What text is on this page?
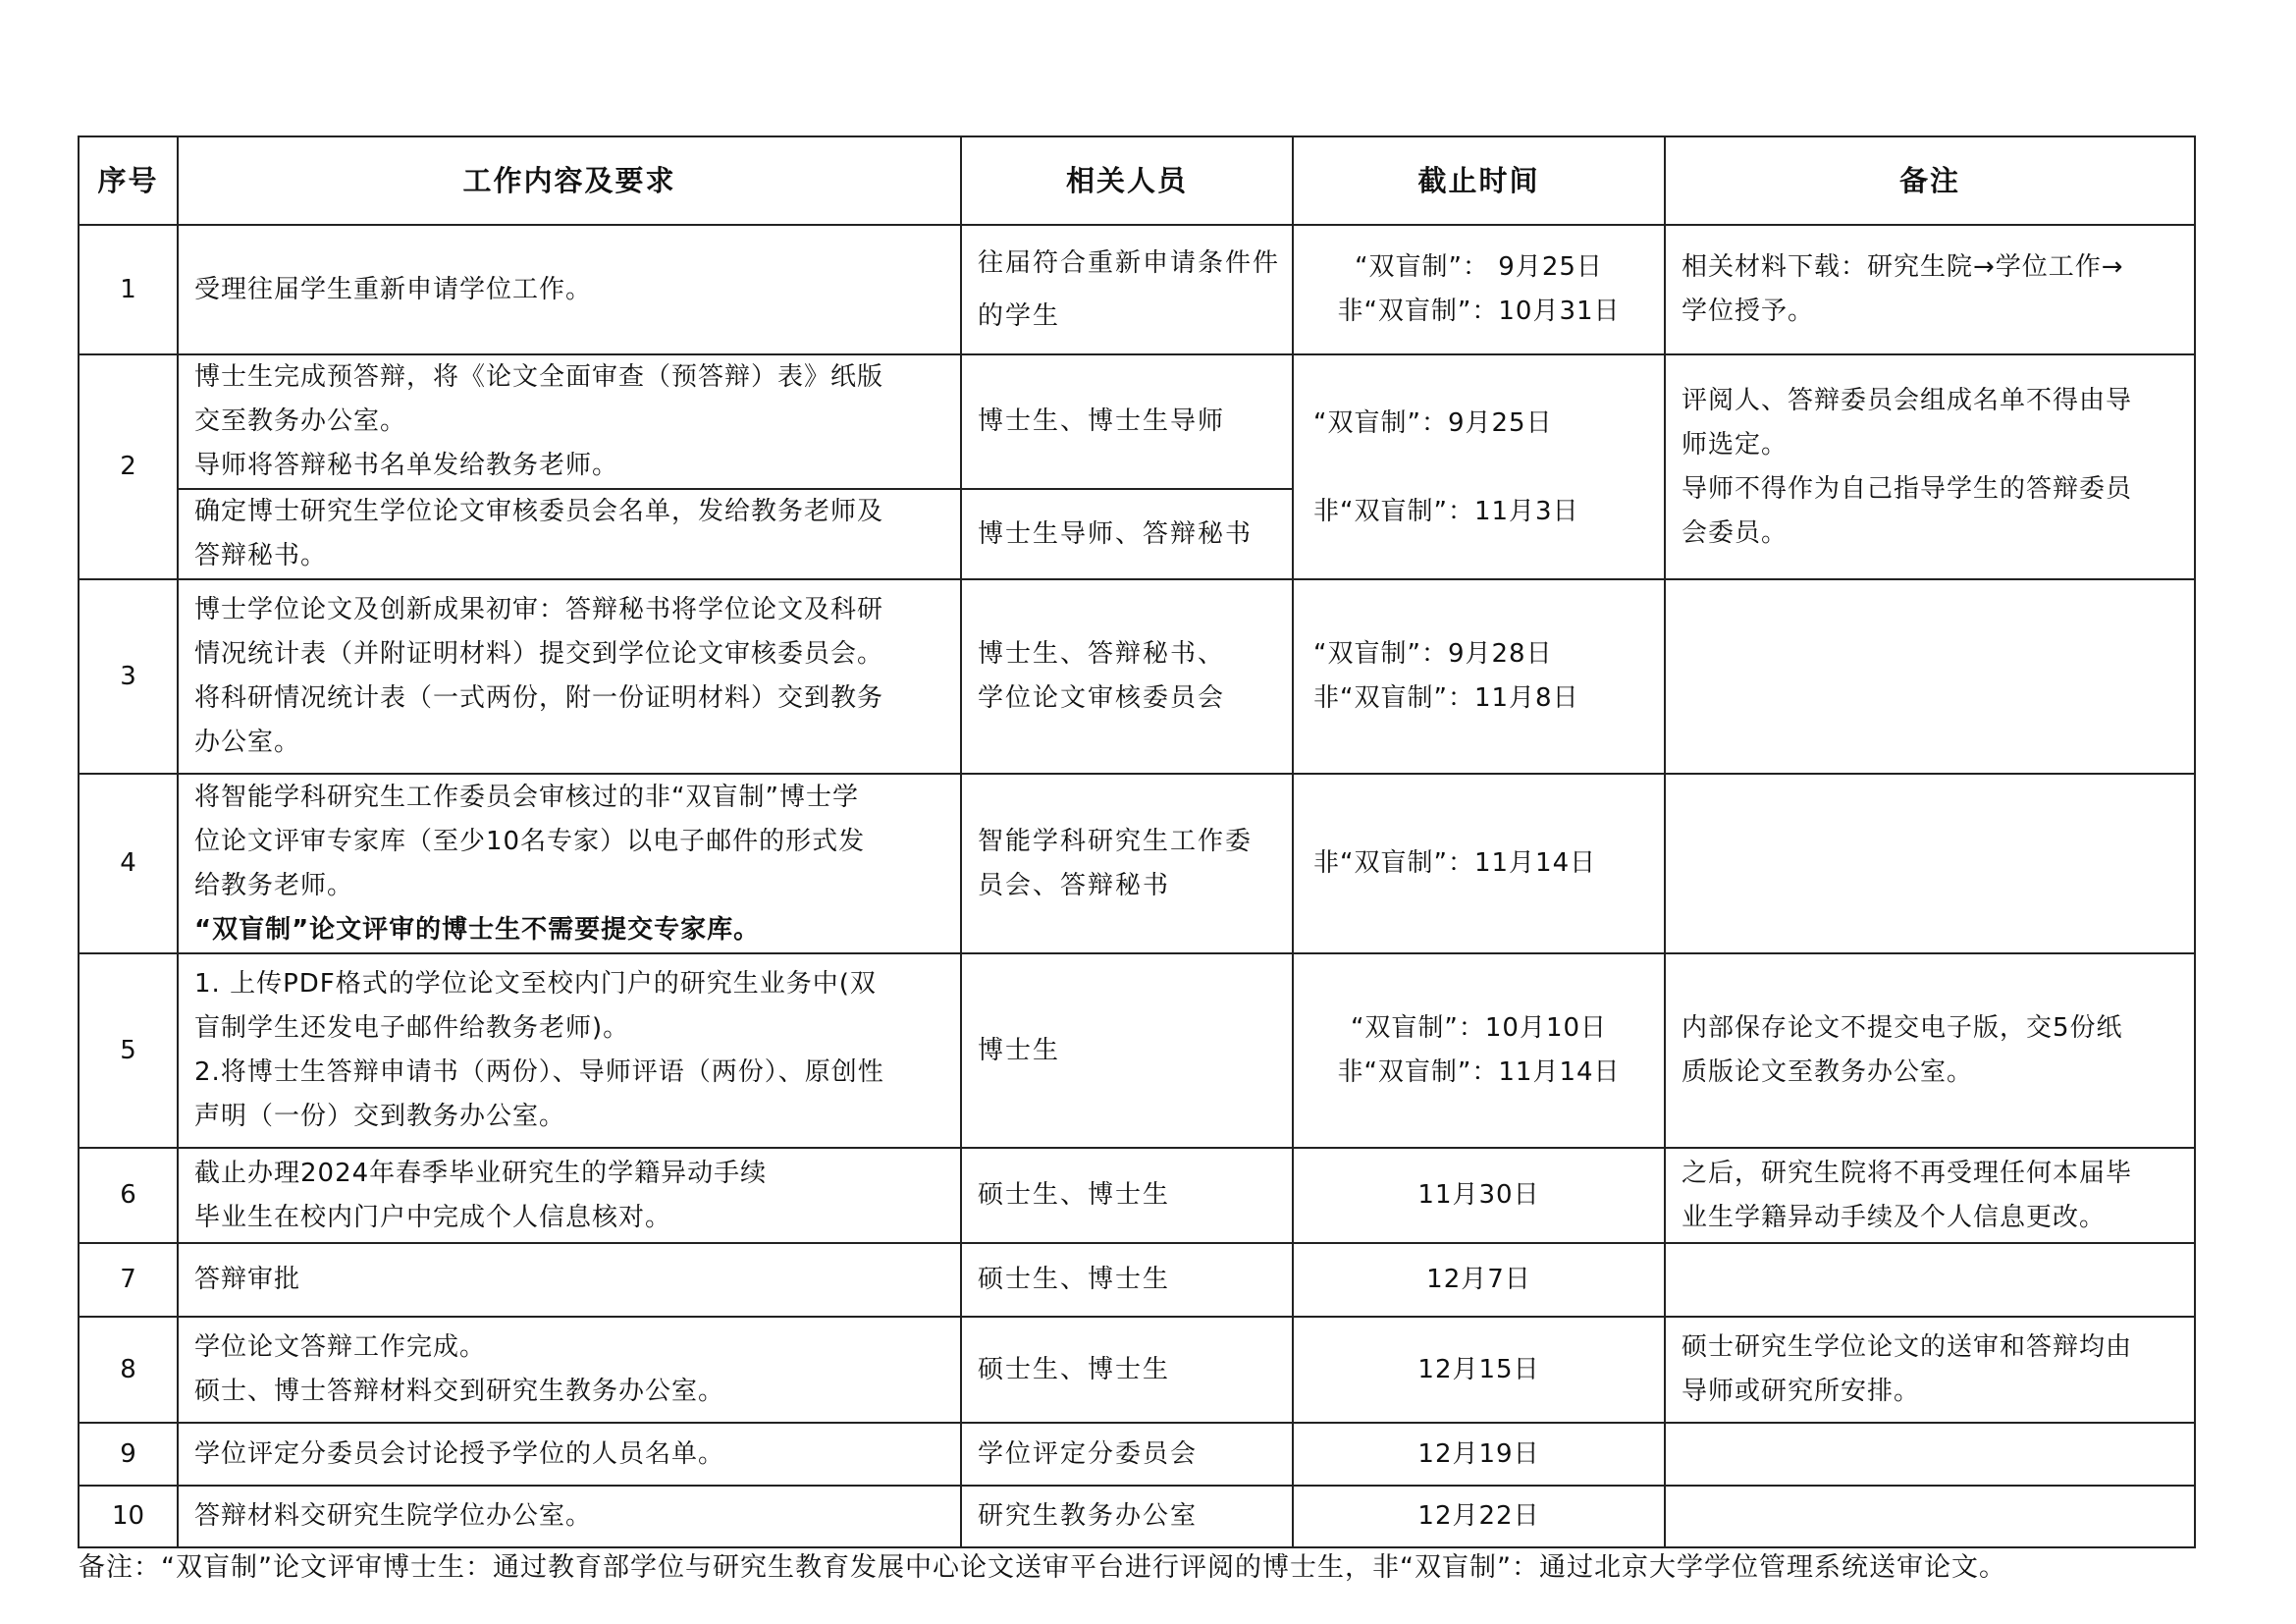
序号	工作内容及要求	相关人员	截止时间	备注
1	受理往届学生重新申请学位工作。	往届符合重新申请条件件
的学生	“双盲制”： 9月25日
非“双盲制”：10月31日	相关材料下载：研究生院→学位工作→
学位授予。

2	博士生完成预答辩，将《论文全面审查（预答辩）表》纸版
交至教务办公室。
导师将答辩秘书名单发给教务老师。	博士生、博士生导师	“双盲制”：9月25日
非“双盲制”：11月3日	评阅人、答辩委员会组成名单不得由导
师选定。
导师不得作为自己指导学生的答辩委员
会委员。

	确定博士研究生学位论文审核委员会名单，发给教务老师及
答辩秘书。	博士生导师、答辩秘书		

3	博士学位论文及创新成果初审：答辩秘书将学位论文及科研
情况统计表（并附证明材料）提交到学位论文审核委员会。
将科研情况统计表（一式两份，附一份证明材料）交到教务
办公室。	博士生、答辩秘书、
学位论文审核委员会	“双盲制”：9月28日
非“双盲制”：11月8日	

4	将智能学科研究生工作委员会审核过的非“双盲制”博士学
位论文评审专家库（至少10名专家）以电子邮件的形式发
给教务老师。
“双盲制”论文评审的博士生不需要提交专家库。	智能学科研究生工作委
员会、答辩秘书	非“双盲制”：11月14日	

5	1. 上传PDF格式的学位论文至校内门户的研究生业务中(双
盲制学生还发电子邮件给教务老师)。
2.将博士生答辩申请书（两份）、导师评语（两份）、原创性
声明（一份）交到教务办公室。	博士生	“双盲制”：10月10日
非“双盲制”：11月14日	内部保存论文不提交电子版，交5份纸
质版论文至教务办公室。

6	截止办理2024年春季毕业研究生的学籍异动手续
毕业生在校内门户中完成个人信息核对。	硕士生、博士生	11月30日	之后，研究生院将不再受理任何本届毕
业生学籍异动手续及个人信息更改。

7	答辩审批	硕士生、博士生	12月7日	

8	学位论文答辩工作完成。
硕士、博士答辩材料交到研究生教务办公室。	硕士生、博士生	12月15日	硕士研究生学位论文的送审和答辩均由
导师或研究所安排。

9	学位评定分委员会讨论授予学位的人员名单。	学位评定分委员会	12月19日	

10	答辩材料交研究生院学位办公室。	研究生教务办公室	12月22日	

备注：“双盲制”论文评审博士生：通过教育部学位与研究生教育发展中心论文送审平台进行评阅的博士生，非“双盲制”：通过北京大学学位管理系统送审论文。
